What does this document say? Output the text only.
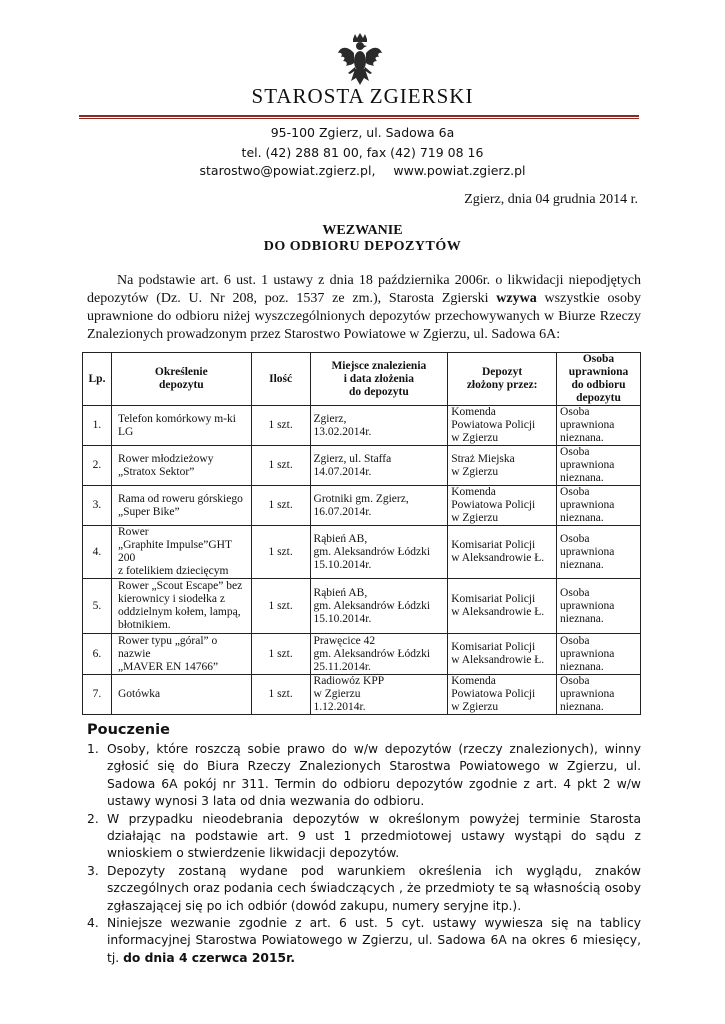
STAROSTA ZGIERSKI
95-100 Zgierz, ul. Sadowa 6a
tel. (42) 288 81 00, fax (42) 719 08 16
starostwo@powiat.zgierz.pl, www.powiat.zgierz.pl
Zgierz, dnia 04 grudnia 2014 r.
WEZWANIE
DO ODBIORU DEPOZYTÓW

Na podstawie art. 6 ust. 1 ustawy z dnia 18 października 2006r. o likwidacji niepodjętych depozytów (Dz. U. Nr 208, poz. 1537 ze zm.), Starosta Zgierski wzywa wszystkie osoby uprawnione do odbioru niżej wyszczególnionych depozytów przechowywanych w Biurze Rzeczy Znalezionych prowadzonym przez Starostwo Powiatowe w Zgierzu, ul. Sadowa 6A:

Lp.	Określenie
depozytu	Ilość	Miejsce znalezienia
i data złożenia
do depozytu	Depozyt
złożony przez:	Osoba
uprawniona
do odbioru
depozytu
1.	Telefon komórkowy m-ki LG	1 szt.	Zgierz,
13.02.2014r.	Komenda
Powiatowa Policji
w Zgierzu	Osoba
uprawniona
nieznana.
2.	Rower młodzieżowy
„Stratox Sektor”	1 szt.	Zgierz, ul. Staffa
14.07.2014r.	Straż Miejska
w Zgierzu	Osoba
uprawniona
nieznana.
3.	Rama od roweru górskiego
„Super Bike”	1 szt.	Grotniki gm. Zgierz,
16.07.2014r.	Komenda
Powiatowa Policji
w Zgierzu	Osoba
uprawniona
nieznana.
4.	Rower
„Graphite Impulse”GHT 200
z fotelikiem dziecięcym	1 szt.	Rąbień AB,
gm. Aleksandrów Łódzki
15.10.2014r.	Komisariat Policji
w Aleksandrowie Ł.	Osoba
uprawniona
nieznana.
5.	Rower „Scout Escape” bez
kierownicy i siodełka z
oddzielnym kołem, lampą,
błotnikiem.	1 szt.	Rąbień AB,
gm. Aleksandrów Łódzki
15.10.2014r.	Komisariat Policji
w Aleksandrowie Ł.	Osoba
uprawniona
nieznana.
6.	Rower typu „góral” o nazwie
„MAVER EN 14766”	1 szt.	Prawęcice 42
gm. Aleksandrów Łódzki
25.11.2014r.	Komisariat Policji
w Aleksandrowie Ł.	Osoba
uprawniona
nieznana.
7.	Gotówka	1 szt.	Radiowóz KPP
w Zgierzu
1.12.2014r.	Komenda
Powiatowa Policji
w Zgierzu	Osoba
uprawniona
nieznana.
Pouczenie
1. Osoby, które roszczą sobie prawo do w/w depozytów (rzeczy znalezionych), winny zgłosić się do Biura Rzeczy Znalezionych Starostwa Powiatowego w Zgierzu, ul. Sadowa 6A pokój nr 311. Termin do odbioru depozytów zgodnie z art. 4 pkt 2 w/w ustawy wynosi 3 lata od dnia wezwania do odbioru.
2. W przypadku nieodebrania depozytów w określonym powyżej terminie Starosta działając na podstawie art. 9 ust 1 przedmiotowej ustawy wystąpi do sądu z wnioskiem o stwierdzenie likwidacji depozytów.
3. Depozyty zostaną wydane pod warunkiem określenia ich wyglądu, znaków szczególnych oraz podania cech świadczących , że przedmioty te są własnością osoby zgłaszającej się po ich odbiór (dowód zakupu, numery seryjne itp.).
4. Niniejsze wezwanie zgodnie z art. 6 ust. 5 cyt. ustawy wywiesza się na tablicy informacyjnej Starostwa Powiatowego w Zgierzu, ul. Sadowa 6A na okres 6 miesięcy, tj. do dnia 4 czerwca 2015r.
